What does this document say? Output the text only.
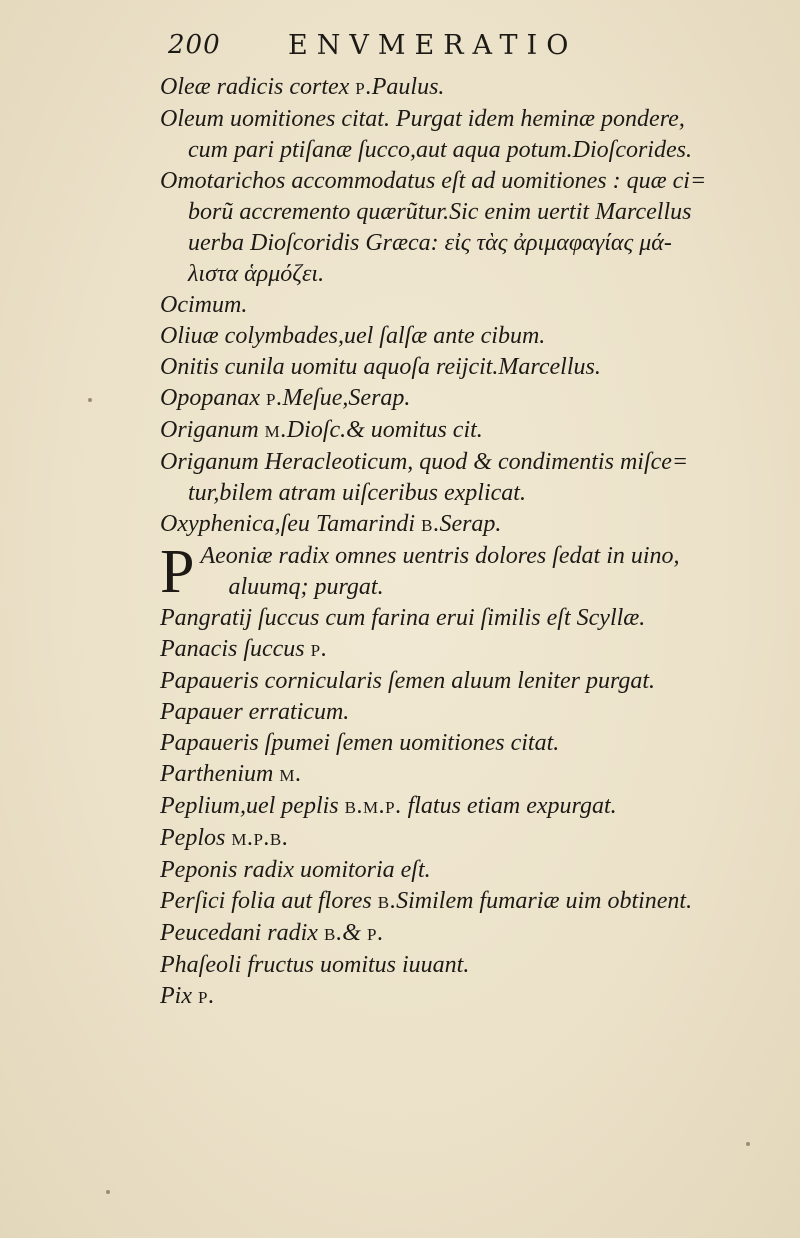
200 ENVMERATIO

Oleæ radicis cortex P.Paulus.

Oleum uomitiones citat. Purgat idem heminæ pondere,
cum pari ptiſanæ ſucco,aut aqua potum.Dioſcorides.

Omotarichos accommodatus eſt ad uomitiones : quæ ci=
borũ accremento quærũtur.Sic enim uertit Marcellus
uerba Dioſcoridis Græca: εἰς τὰς ἀριμαφαγίας μά-
λιστα ἁρμόζει.

Ocimum.

Oliuæ colymbades,uel ſalſæ ante cibum.

Onitis cunila uomitu aquoſa reijcit.Marcellus.

Opopanax P.Meſue,Serap.

Origanum M.Dioſc.& uomitus cit.

Origanum Heracleoticum, quod & condimentis miſce=
tur,bilem atram uiſceribus explicat.

Oxyphenica,ſeu Tamarindi B.Serap.

P Aeoniæ radix omnes uentris dolores ſedat in uino,
aluumq; purgat.

Pangratij ſuccus cum farina erui ſimilis eſt Scyllæ.

Panacis ſuccus P.

Papaueris cornicularis ſemen aluum leniter purgat.

Papauer erraticum.

Papaueris ſpumei ſemen uomitiones citat.

Parthenium M.

Peplium,uel peplis B.M.P. flatus etiam expurgat.

Peplos M.P.B.

Peponis radix uomitoria eſt.

Perſici folia aut flores B.Similem fumariæ uim obtinent.

Peucedani radix B.& P.

Phaſeoli fructus uomitus iuuant.

Pix P.
